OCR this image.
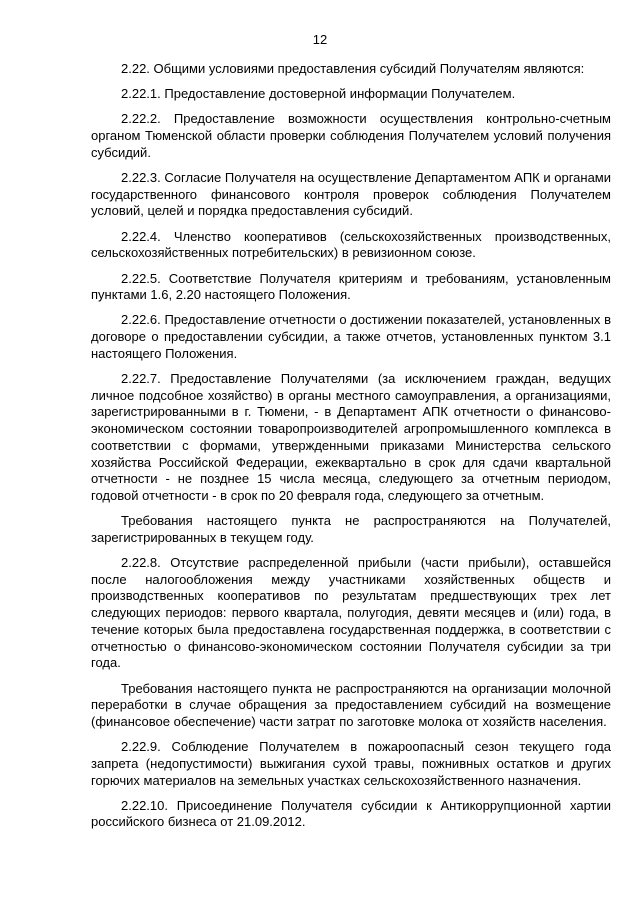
12

2.22. Общими условиями предоставления субсидий Получателям являются:

2.22.1. Предоставление достоверной информации Получателем.

2.22.2. Предоставление возможности осуществления контрольно-счетным органом Тюменской области проверки соблюдения Получателем условий получения субсидий.

2.22.3. Согласие Получателя на осуществление Департаментом АПК и органами государственного финансового контроля проверок соблюдения Получателем условий, целей и порядка предоставления субсидий.

2.22.4. Членство кооперативов (сельскохозяйственных производственных, сельскохозяйственных потребительских) в ревизионном союзе.

2.22.5. Соответствие Получателя критериям и требованиям, установленным пунктами 1.6, 2.20 настоящего Положения.

2.22.6. Предоставление отчетности о достижении показателей, установленных в договоре о предоставлении субсидии, а также отчетов, установленных пунктом 3.1 настоящего Положения.

2.22.7. Предоставление Получателями (за исключением граждан, ведущих личное подсобное хозяйство) в органы местного самоуправления, а организациями, зарегистрированными в г. Тюмени, - в Департамент АПК отчетности о финансово-экономическом состоянии товаропроизводителей агропромышленного комплекса в соответствии с формами, утвержденными приказами Министерства сельского хозяйства Российской Федерации, ежеквартально в срок для сдачи квартальной отчетности - не позднее 15 числа месяца, следующего за отчетным периодом, годовой отчетности - в срок по 20 февраля года, следующего за отчетным.

Требования настоящего пункта не распространяются на Получателей, зарегистрированных в текущем году.

2.22.8. Отсутствие распределенной прибыли (части прибыли), оставшейся после налогообложения между участниками хозяйственных обществ и производственных кооперативов по результатам предшествующих трех лет следующих периодов: первого квартала, полугодия, девяти месяцев и (или) года, в течение которых была предоставлена государственная поддержка, в соответствии с отчетностью о финансово-экономическом состоянии Получателя субсидии за три года.

Требования настоящего пункта не распространяются на организации молочной переработки в случае обращения за предоставлением субсидий на возмещение (финансовое обеспечение) части затрат по заготовке молока от хозяйств населения.

2.22.9. Соблюдение Получателем в пожароопасный сезон текущего года запрета (недопустимости) выжигания сухой травы, пожнивных остатков и других горючих материалов на земельных участках сельскохозяйственного назначения.

2.22.10. Присоединение Получателя субсидии к Антикоррупционной хартии российского бизнеса от 21.09.2012.
